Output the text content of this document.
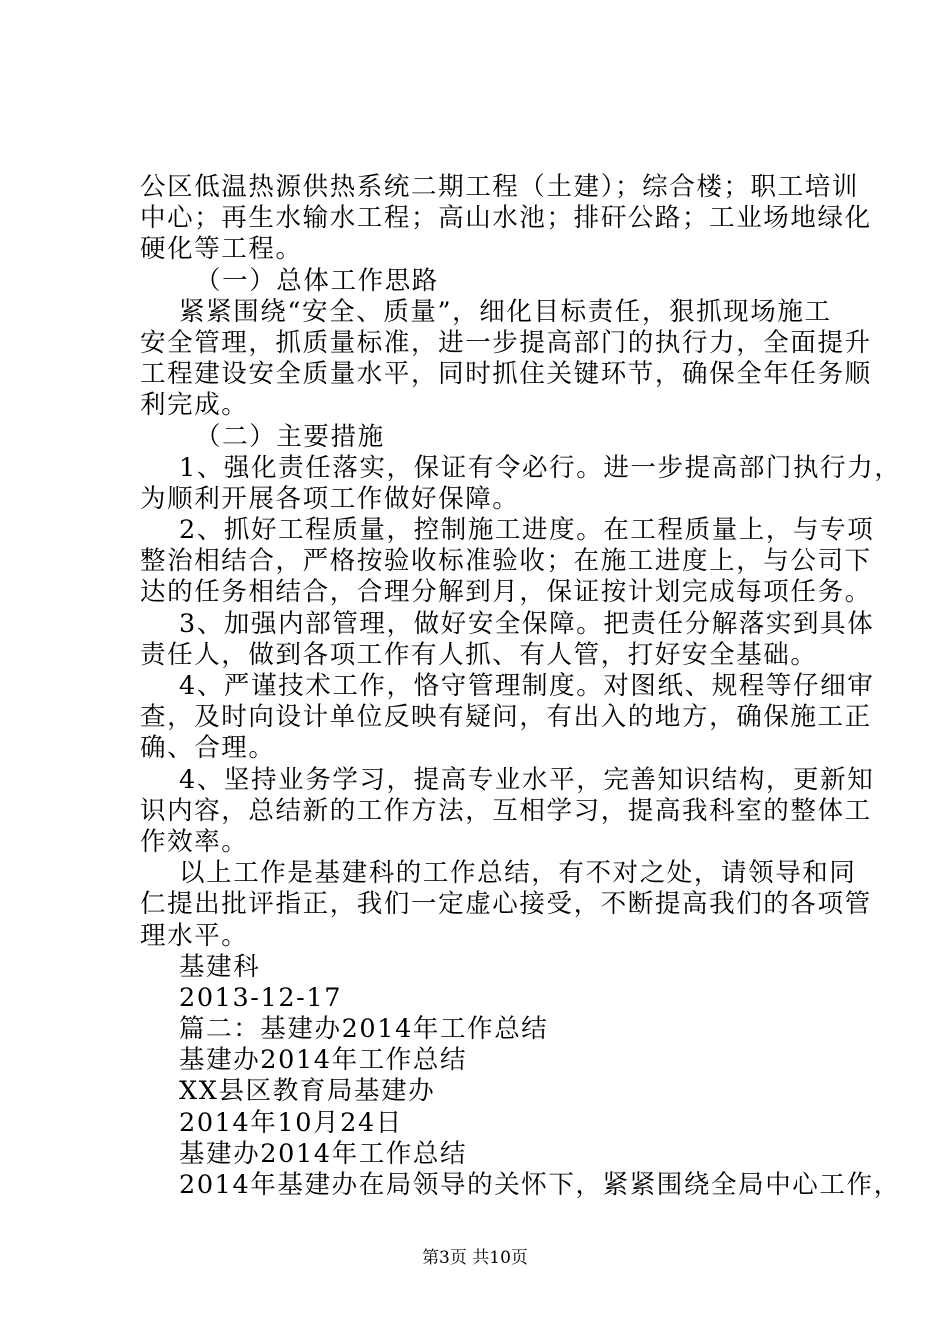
公区低温热源供热系统二期工程（土建）；综合楼；职工培训
中心；再生水输水工程；高山水池；排矸公路；工业场地绿化
硬化等工程。
（一）总体工作思路
紧紧围绕“安全、质量”，细化目标责任，狠抓现场施工
安全管理，抓质量标准，进一步提高部门的执行力，全面提升
工程建设安全质量水平，同时抓住关键环节，确保全年任务顺
利完成。
（二）主要措施
1、强化责任落实，保证有令必行。进一步提高部门执行力，
为顺利开展各项工作做好保障。
2、抓好工程质量，控制施工进度。在工程质量上，与专项
整治相结合，严格按验收标准验收；在施工进度上，与公司下
达的任务相结合，合理分解到月，保证按计划完成每项任务。
3、加强内部管理，做好安全保障。把责任分解落实到具体
责任人，做到各项工作有人抓、有人管，打好安全基础。
4、严谨技术工作，恪守管理制度。对图纸、规程等仔细审
查，及时向设计单位反映有疑问，有出入的地方，确保施工正
确、合理。
4、坚持业务学习，提高专业水平，完善知识结构，更新知
识内容，总结新的工作方法，互相学习，提高我科室的整体工
作效率。
以上工作是基建科的工作总结，有不对之处，请领导和同
仁提出批评指正，我们一定虚心接受，不断提高我们的各项管
理水平。
基建科
2013-12-17
篇二：基建办2014年工作总结
基建办2014年工作总结
XX县区教育局基建办
2014年10月24日
基建办2014年工作总结
2014年基建办在局领导的关怀下，紧紧围绕全局中心工作，
第3页 共10页
